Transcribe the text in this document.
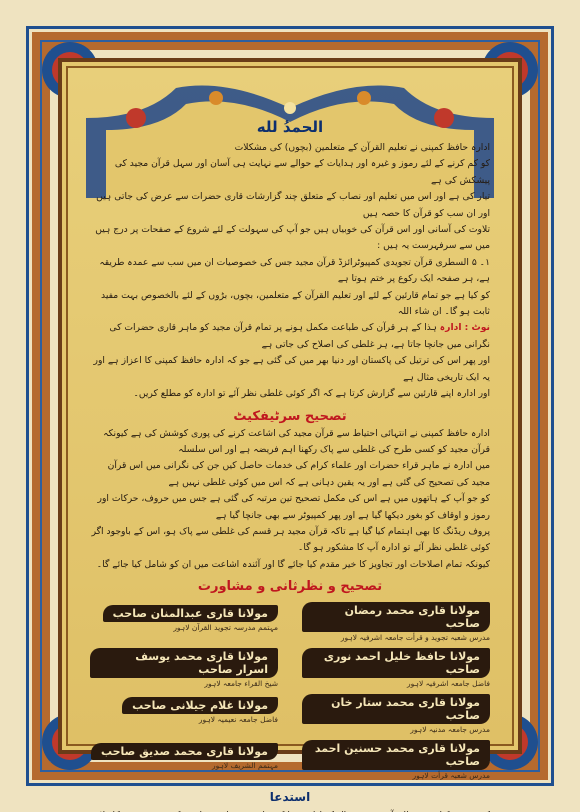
الحمدُ لله

ادارہ حافظ کمپنی نے تعلیم القرآن کے متعلمین (بچوں) کی مشکلات

کو کم کرنے کے لئے رموز و غیرہ اور ہدایات کے حوالے سے نہایت ہی آسان اور سہل قرآن مجید کی پیشکش کی ہے

تیار کی ہے اور اس میں تعلیم اور نصاب کے متعلق چند گزارشات قاری حضرات سے عرض کی جاتی ہیں اور ان سب کو قرآن کا حصہ ہیں

تلاوت کی آسانی اور اس قرآن کی خوبیاں ہیں جو آپ کی سہولت کے لئے شروع کے صفحات پر درج ہیں

میں سے سرفہرست یہ ہیں :

۱۔ ۵ السطری قرآن تجویدی کمپیوٹرائزڈ قرآن مجید جس کی خصوصیات ان میں سب سے عمدہ طریقہ ہے، ہر صفحہ ایک رکوع پر ختم ہوتا ہے

کو کیا ہے جو تمام قارئین کے لئے اور تعلیم القرآن کے متعلمین، بچوں، بڑوں کے لئے بالخصوص بہت مفید ثابت ہو گا۔ ان شاء اللہ

نوٹ : ادارہ ہذا کے ہر قرآن کی طباعت مکمل ہونے پر تمام قرآن مجید کو ماہر قاری حضرات کی نگرانی میں جانچا جاتا ہے، ہر غلطی کی اصلاح کی جاتی ہے

اور پھر اس کی ترتیل کی پاکستان اور دنیا بھر میں کی گئی ہے جو کہ ادارہ حافظ کمپنی کا اعزاز ہے اور یہ ایک تاریخی مثال ہے

اور ادارہ اپنے قارئین سے گزارش کرتا ہے کہ اگر کوئی غلطی نظر آئے تو ادارہ کو مطلع کریں۔

تصحیح سرٹیفکیٹ

ادارہ حافظ کمپنی نے انتہائی احتیاط سے قرآن مجید کی اشاعت کرنے کی پوری کوشش کی ہے کیونکہ قرآن مجید کو کسی طرح کی غلطی سے پاک رکھنا اہم فریضہ ہے اور اس سلسلہ

میں ادارہ نے ماہر قراء حضرات اور علماء کرام کی خدمات حاصل کیں جن کی نگرانی میں اس قرآن مجید کی تصحیح کی گئی ہے اور یہ یقین دہانی ہے کہ اس میں کوئی غلطی نہیں ہے

کو جو آپ کے ہاتھوں میں ہے اس کی مکمل تصحیح تین مرتبہ کی گئی ہے جس میں حروف، حرکات اور رموز و اوقاف کو بغور دیکھا گیا ہے اور پھر کمپیوٹر سے بھی جانچا گیا ہے

پروف ریڈنگ کا بھی اہتمام کیا گیا ہے تاکہ قرآن مجید ہر قسم کی غلطی سے پاک ہو، اس کے باوجود اگر کوئی غلطی نظر آئے تو ادارہ آپ کا مشکور ہو گا۔

کیونکہ تمام اصلاحات اور تجاویز کا خیر مقدم کیا جائے گا اور آئندہ اشاعت میں ان کو شامل کیا جائے گا۔

تصحیح و نظرثانی و مشاورت
مولانا قاری محمد رمضان صاحب
مدرس شعبہ تجوید و قرأت جامعہ اشرفیہ لاہور
مولانا قاری عبدالمنان صاحب
مہتمم مدرسہ تجوید القرآن لاہور
مولانا حافظ خلیل احمد نوری صاحب
فاضل جامعہ اشرفیہ لاہور
مولانا قاری محمد یوسف اسرار صاحب
شیخ القراء جامعہ لاہور
مولانا قاری محمد ستار خان صاحب
مدرس جامعہ مدنیہ لاہور
مولانا غلام جیلانی صاحب
فاضل جامعہ نعیمیہ لاہور
مولانا قاری محمد حسنین احمد صاحب
مدرس شعبہ قرأت لاہور
مولانا قاری محمد صدیق صاحب
مہتمم الشریف لاہور
استدعا
